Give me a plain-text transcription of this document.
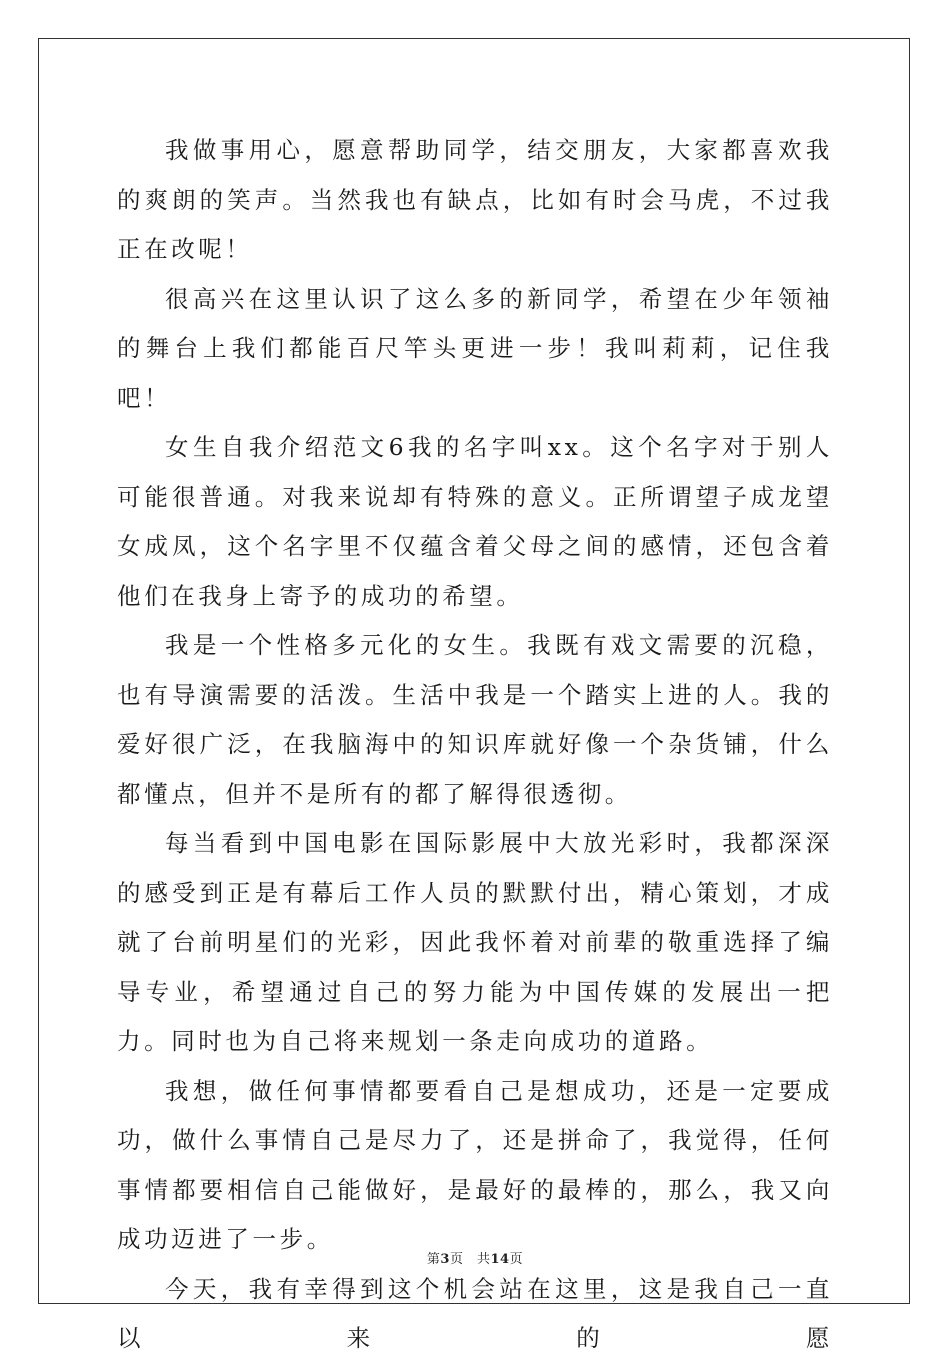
我做事用心，愿意帮助同学，结交朋友，大家都喜欢我的爽朗的笑声。当然我也有缺点，比如有时会马虎，不过我正在改呢！

很高兴在这里认识了这么多的新同学，希望在少年领袖的舞台上我们都能百尺竿头更进一步！我叫莉莉，记住我吧！

女生自我介绍范文6我的名字叫xx。这个名字对于别人可能很普通。对我来说却有特殊的意义。正所谓望子成龙望女成凤，这个名字里不仅蕴含着父母之间的感情，还包含着他们在我身上寄予的成功的希望。

我是一个性格多元化的女生。我既有戏文需要的沉稳，也有导演需要的活泼。生活中我是一个踏实上进的人。我的爱好很广泛，在我脑海中的知识库就好像一个杂货铺，什么都懂点，但并不是所有的都了解得很透彻。

每当看到中国电影在国际影展中大放光彩时，我都深深的感受到正是有幕后工作人员的默默付出，精心策划，才成就了台前明星们的光彩，因此我怀着对前辈的敬重选择了编导专业，希望通过自己的努力能为中国传媒的发展出一把力。同时也为自己将来规划一条走向成功的道路。

我想，做任何事情都要看自己是想成功，还是一定要成功，做什么事情自己是尽力了，还是拼命了，我觉得，任何事情都要相信自己能做好，是最好的最棒的，那么，我又向成功迈进了一步。

今天，我有幸得到这个机会站在这里，这是我自己一直以来的愿

第3页　共14页
